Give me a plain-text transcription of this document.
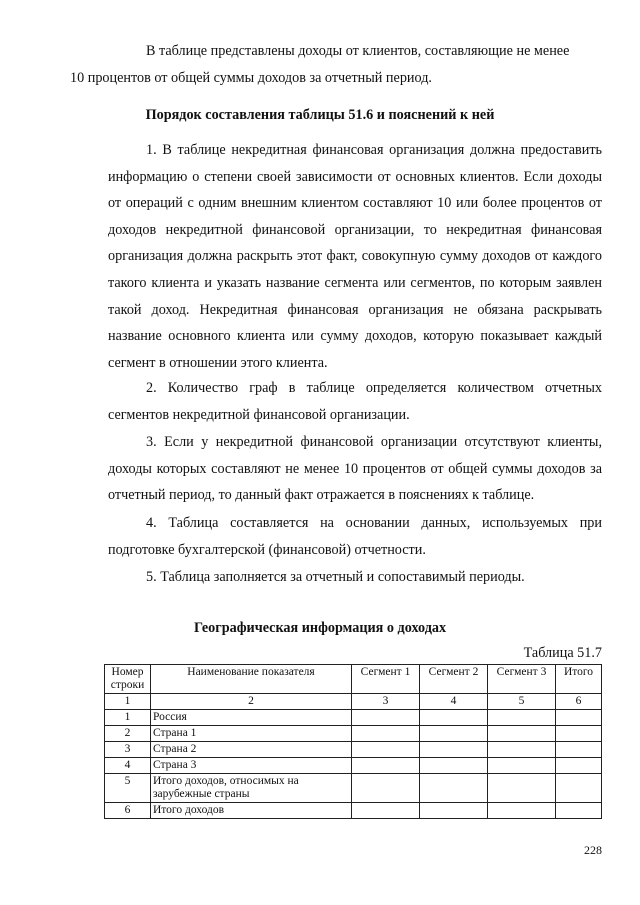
В таблице представлены доходы от клиентов, составляющие не менее
10 процентов от общей суммы доходов за отчетный период.

Порядок составления таблицы 51.6 и пояснений к ней

1. В таблице некредитная финансовая организация должна предоставить информацию о степени своей зависимости от основных клиентов. Если доходы от операций с одним внешним клиентом составляют 10 или более процентов от доходов некредитной финансовой организации, то некредитная финансовая организация должна раскрыть этот факт, совокупную сумму доходов от каждого такого клиента и указать название сегмента или сегментов, по которым заявлен такой доход. Некредитная финансовая организация не обязана раскрывать название основного клиента или сумму доходов, которую показывает каждый сегмент в отношении этого клиента.

2. Количество граф в таблице определяется количеством отчетных сегментов некредитной финансовой организации.

3. Если у некредитной финансовой организации отсутствуют клиенты, доходы которых составляют не менее 10 процентов от общей суммы доходов за отчетный период, то данный факт отражается в пояснениях к таблице.

4. Таблица составляется на основании данных, используемых при подготовке бухгалтерской (финансовой) отчетности.

5. Таблица заполняется за отчетный и сопоставимый периоды.

Географическая информация о доходах

Таблица 51.7

Номер строки	Наименование показателя	Сегмент 1	Сегмент 2	Сегмент 3	Итого
1	2	3	4	5	6
1	Россия				
2	Страна 1				
3	Страна 2				
4	Страна 3				
5	Итого доходов, относимых на зарубежные страны				
6	Итого доходов				

228
